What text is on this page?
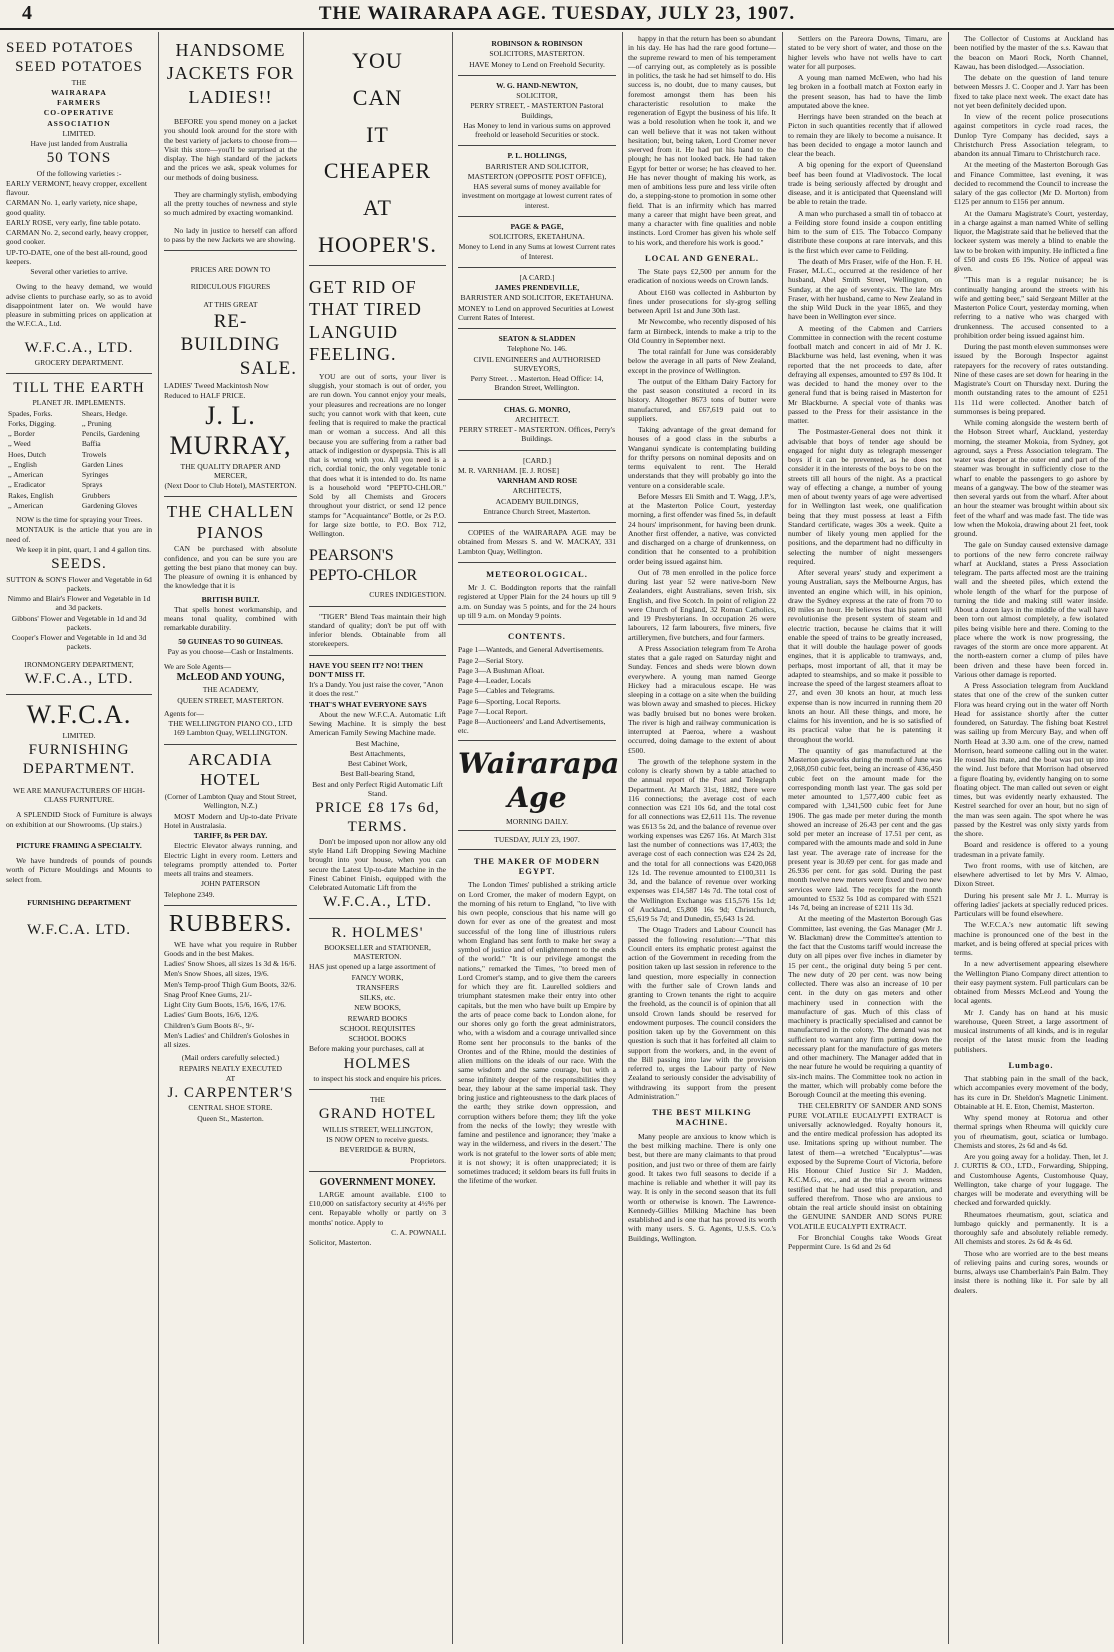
4	THE WAIRARAPA AGE. TUESDAY, JULY 23, 1907.

SEED POTATOES

SEED POTATOES

THE

WAIRARAPA

FARMERS

CO-OPERATIVE

ASSOCIATION

LIMITED.

Have just landed from Australia

50 TONS

Of the following varieties :-

EARLY VERMONT, heavy cropper, excellent flavour.

CARMAN No. 1, early variety, nice shape, good quality.

EARLY ROSE, very early, fine table potato.

CARMAN No. 2, second early, heavy cropper, good cooker.

UP-TO-DATE, one of the best all-round, good keepers.

Several other varieties to arrive.

Owing to the heavy demand, we would advise clients to purchase early, so as to avoid disappointment later on. We would have pleasure in submitting prices on application at the W.F.C.A., Ltd.

W.F.C.A., LTD.

GROCERY DEPARTMENT.

TILL THE EARTH

PLANET JR. IMPLEMENTS.

Spades, Forks.

Forks, Digging.

,, Border

,, Weed

Hoes, Dutch

,, English

,, American

,, Eradicator

Rakes, English

,, American

Shears, Hedge.

,, Pruning

Pencils, Gardening

Baffia

Trowels

Garden Lines

Syringes

Sprays

Grubbers

Gardening Gloves

NOW is the time for spraying your Trees.

MONTAUK is the article that you are in need of.

We keep it in pint, quart, 1 and 4 gallon tins.

SEEDS.

SUTTON & SON'S Flower and Vegetable in 6d packets.

Nimmo and Blair's Flower and Vegetable in 1d and 3d packets.

Gibbons' Flower and Vegetable in 1d and 3d packets.

Cooper's Flower and Vegetable in 1d and 3d packets.

IRONMONGERY DEPARTMENT,

W.F.C.A., LTD.

W.F.C.A.

LIMITED.

FURNISHING DEPARTMENT.

WE ARE MANUFACTURERS OF HIGH-CLASS FURNITURE.

A SPLENDID Stock of Furniture is always on exhibition at our Showrooms. (Up stairs.)

PICTURE FRAMING A SPECIALTY.

We have hundreds of pounds of pounds worth of Picture Mouldings and Mounts to select from.

FURNISHING DEPARTMENT

W.F.C.A. LTD.

HANDSOME JACKETS FOR LADIES!!

BEFORE you spend money on a jacket you should look around for the store with the best variety of jackets to choose from—Visit this store—you'll be surprised at the display. The high standard of the jackets and the prices we ask, speak volumes for our methods of doing business.

They are charmingly stylish, embodying all the pretty touches of newness and style so much admired by exacting womankind.

No lady in justice to herself can afford to pass by the new Jackets we are showing.

PRICES ARE DOWN TO

RIDICULOUS FIGURES

AT THIS GREAT

RE-BUILDING

SALE.

LADIES' Tweed Mackintosh Now Reduced to HALF PRICE.

J. L. MURRAY,

THE QUALITY DRAPER AND MERCER,

(Next Door to Club Hotel), MASTERTON.

THE CHALLEN PIANOS

CAN be purchased with absolute confidence, and you can be sure you are getting the best piano that money can buy. The pleasure of owning it is enhanced by the knowledge that it is

BRITISH BUILT.

That spells honest workmanship, and means tonal quality, combined with remarkable durability.

50 GUINEAS TO 90 GUINEAS.

Pay as you choose—Cash or Instalments.

We are Sole Agents—

McLEOD AND YOUNG,

THE ACADEMY,

QUEEN STREET, MASTERTON.

Agents for—

THE WELLINGTON PIANO CO., LTD 169 Lambton Quay, WELLINGTON.

ARCADIA HOTEL

(Corner of Lambton Quay and Stout Street, Wellington, N.Z.)

MOST Modern and Up-to-date Private Hotel in Australasia.

TARIFF, 8s PER DAY.

Electric Elevator always running, and Electric Light in every room. Letters and telegrams promptly attended to. Porter meets all trains and steamers.

JOHN PATERSON

Telephone 2349.

RUBBERS.

WE have what you require in Rubber Goods and in the best Makes.

Ladies' Snow Shoes, all sizes 1s 3d & 16/6.

Men's Snow Shoes, all sizes, 19/6.

Men's Temp-proof Thigh Gum Boots, 32/6.

Snag Proof Knee Gums, 21/-

Light City Gum Boots, 15/6, 16/6, 17/6.

Ladies' Gum Boots, 16/6, 12/6.

Children's Gum Boots 8/-, 9/-

Men's Ladies' and Children's Goloshes in all sizes.

(Mail orders carefully selected.)

REPAIRS NEATLY EXECUTED

AT

J. CARPENTER'S

CENTRAL SHOE STORE.

Queen St., Masterton.

YOU

CAN

IT

CHEAPER

AT

HOOPER'S.

GET RID OF THAT TIRED LANGUID FEELING.

YOU are out of sorts, your liver is sluggish, your stomach is out of order, you are run down. You cannot enjoy your meals, your pleasures and recreations are no longer such; you cannot work with that keen, cute feeling that is required to make the practical man or woman a success. And all this because you are suffering from a rather bad attack of indigestion or dyspepsia. This is all that is wrong with you. All you need is a rich, cordial tonic, the only vegetable tonic that does what it is intended to do. Its name is a household word "PEPTO-CHLOR." Sold by all Chemists and Grocers throughout your district, or send 12 pence stamps for "Acquaintance" Bottle, or 2s P.O. for large size bottle, to P.O. Box 712, Wellington.

PEARSON'S PEPTO-CHLOR

CURES INDIGESTION.

"TIGER" Blend Teas maintain their high standard of quality; don't be put off with inferior blends. Obtainable from all storekeepers.

HAVE YOU SEEN IT? NO! THEN DON'T MISS IT.

It's a Dandy. You just raise the cover, "Anon it does the rest."

THAT'S WHAT EVERYONE SAYS

About the new W.F.C.A. Automatic Lift Sewing Machine. It is simply the best American Family Sewing Machine made.

Best Machine,

Best Attachments,

Best Cabinet Work,

Best Ball-bearing Stand,

Best and only Perfect Rigid Automatic Lift Stand.

PRICE £8 17s 6d, TERMS.

Don't be imposed upon nor allow any old style Hand Lift Dropping Sewing Machine brought into your house, when you can secure the Latest Up-to-date Machine in the Finest Cabinet Finish, equipped with the Celebrated Automatic Lift from the

W.F.C.A., LTD.

R. HOLMES'

BOOKSELLER and STATIONER, MASTERTON.

HAS just opened up a large assortment of

FANCY WORK,

TRANSFERS

SILKS, etc.

NEW BOOKS,

REWARD BOOKS

SCHOOL REQUISITES

SCHOOL BOOKS

Before making your purchases, call at

HOLMES

to inspect his stock and enquire his prices.

THE

GRAND HOTEL

WILLIS STREET, WELLINGTON,

IS NOW OPEN to receive guests.

BEVERIDGE & BURN,

Proprietors.

GOVERNMENT MONEY.

LARGE amount available. £100 to £10,000 on satisfactory security at 4½% per cent. Repayable wholly or partly on 3 months' notice. Apply to

C. A. POWNALL

Solicitor, Masterton.

ROBINSON & ROBINSON

SOLICITORS, MASTERTON.

HAVE Money to Lend on Freehold Security.

W. G. HAND-NEWTON,

SOLICITOR,

PERRY STREET, - MASTERTON Pastoral Buildings,

Has Money to lend in various sums on approved freehold or leasehold Securities or stock.

P. L. HOLLINGS,

BARRISTER AND SOLICITOR,

MASTERTON (OPPOSITE POST OFFICE),

HAS several sums of money available for investment on mortgage at lowest current rates of interest.

PAGE & PAGE,

SOLICITORS, EKETAHUNA.

Money to Lend in any Sums at lowest Current rates of Interest.

[A CARD.]

JAMES PRENDEVILLE,

BARRISTER AND SOLICITOR, EKETAHUNA.

MONEY to Lend on approved Securities at Lowest Current Rates of Interest.

SEATON & SLADDEN

Telephone No. 146.

CIVIL ENGINEERS and AUTHORISED SURVEYORS,

Perry Street. . . Masterton. Head Office: 14, Brandon Street, Wellington.

CHAS. G. MONRO,

ARCHITECT.

PERRY STREET - MASTERTON. Offices, Perry's Buildings.

[CARD.]

M. R. VARNHAM. [E. J. ROSE]

VARNHAM AND ROSE

ARCHITECTS,

ACADEMY BUILDINGS,

Entrance Church Street, Masterton.

COPIES of the WAIRARAPA AGE may be obtained from Messrs S. and W. MACKAY, 331 Lambton Quay, Wellington.

METEOROLOGICAL.

Mr J. C. Boddington reports that the rainfall registered at Upper Plain for the 24 hours up till 9 a.m. on Sunday was 5 points, and for the 24 hours up till 9 a.m. on Monday 9 points.

CONTENTS.

Page 1—Wanteds, and General Advertisements.

Page 2—Serial Story.

Page 3—A Bushman Afloat.

Page 4—Leader, Locals

Page 5—Cables and Telegrams.

Page 6—Sporting, Local Reports.

Page 7—Local Report.

Page 8—Auctioneers' and Land Advertisements, etc.

Wairarapa Age
MORNING DAILY.
TUESDAY, JULY 23, 1907.
THE MAKER OF MODERN EGYPT.

The London Times' published a striking article on Lord Cromer, the maker of modern Egypt, on the morning of his return to England, "to live with his own people, conscious that his name will go down for ever as one of the greatest and most successful of the long line of illustrious rulers whom England has sent forth to make her sway a symbol of justice and of enlightenment to the ends of the world." "It is our privilege amongst the nations," remarked the Times, "to breed men of Lord Cromer's stamp, and to give them the careers for which they are fit. Laurelled soldiers and triumphant statesmen make their entry into other capitals, but the men who have built up Empire by the arts of peace come back to London alone, for our shores only go forth the great administrators, who, with a wisdom and a courage unrivalled since Rome sent her proconsuls to the banks of the Orontes and of the Rhine, mould the destinies of alien millions on the ideals of our race. With the same wisdom and the same courage, but with a sense infinitely deeper of the responsibilities they bear, they labour at the same imperial task. They bring justice and righteousness to the dark places of the earth; they strike down oppression, and corruption withers before them; they lift the yoke from the necks of the lowly; they wrestle with famine and pestilence and ignorance; they 'make a way in the wilderness, and rivers in the desert.' The work is not grateful to the lower sorts of able men; it is not showy; it is often unappreciated; it is sometimes traduced; it seldom bears its full fruits in the lifetime of the worker.

happy in that the return has been so abundant in his day. He has had the rare good fortune—the supreme reward to men of his temperament—of carrying out, as completely as is possible in politics, the task he had set himself to do. His success is, no doubt, due to many causes, but foremost amongst them has been his characteristic resolution to make the regeneration of Egypt the business of his life. It was a bold resolution when he took it, and we can well believe that it was not taken without hesitation; but, being taken, Lord Cromer never swerved from it. He had put his hand to the plough; he has not looked back. He had taken Egypt for better or worse; he has cleaved to her. He has never thought of making his work, as men of ambitions less pure and less virile often do, a stepping-stone to promotion in some other field. That is an infirmity which has marred many a career that might have been great, and many a character with fine qualities and noble instincts. Lord Cromer has given his whole self to his work, and therefore his work is good."

LOCAL AND GENERAL.

The State pays £2,500 per annum for the eradication of noxious weeds on Crown lands.

About £160 was collected in Ashburton by fines under prosecutions for sly-grog selling between April 1st and June 30th last.

Mr Newcombe, who recently disposed of his farm at Birnbeck, intends to make a trip to the Old Country in September next.

The total rainfall for June was considerably below the average in all parts of New Zealand, except in the province of Wellington.

The output of the Eltham Dairy Factory for the past season constituted a record in its history. Altogether 8673 tons of butter were manufactured, and £67,619 paid out to suppliers.

Taking advantage of the great demand for houses of a good class in the suburbs a Wanganui syndicate is contemplating building for thrifty persons on nominal deposits and on terms equivalent to rent. The Herald understands that they will probably go into the venture on a considerable scale.

Before Messrs Eli Smith and T. Wagg, J.P.'s, at the Masterton Police Court, yesterday morning, a first offender was fined 5s, in default 24 hours' imprisonment, for having been drunk. Another first offender, a native, was convicted and discharged on a charge of drunkenness, on condition that he consented to a prohibition order being issued against him.

Out of 78 men enrolled in the police force during last year 52 were native-born New Zealanders, eight Australians, seven Irish, six English, and five Scotch. In point of religion 22 were Church of England, 32 Roman Catholics, and 19 Presbyterians. In occupation 26 were labourers, 12 farm labourers, five miners, five artillerymen, five butchers, and four farmers.

A Press Association telegram from Te Aroha states that a gale raged on Saturday night and Sunday. Fences and sheds were blown down everywhere. A young man named George Hickey had a miraculous escape. He was sleeping in a cottage on a site when the building was blown away and smashed to pieces. Hickey was badly bruised but no bones were broken. The river is high and railway communication is interrupted at Paeroa, where a washout occurred, doing damage to the extent of about £500.

The growth of the telephone system in the colony is clearly shown by a table attached to the annual report of the Post and Telegraph Department. At March 31st, 1882, there were 116 connections; the average cost of each connection was £21 10s 6d, and the total cost for all connections was £2,611 11s. The revenue was £613 5s 2d, and the balance of revenue over working expenses was £267 16s. At March 31st last the number of connections was 17,403; the average cost of each connection was £24 2s 2d, and the total for all connections was £420,068 12s 1d. The revenue amounted to £100,311 1s 3d, and the balance of revenue over working expenses was £14,587 14s 7d. The total cost of the Wellington Exchange was £15,576 15s 1d; of Auckland, £5,808 16s 9d; Christchurch, £5,619 5s 7d; and Dunedin, £5,643 1s 2d.

The Otago Traders and Labour Council has passed the following resolution:—"That this Council enters its emphatic protest against the action of the Government in receding from the position taken up last session in reference to the land question, more especially in connection with the further sale of Crown lands and granting to Crown tenants the right to acquire the freehold, as the council is of opinion that all unsold Crown lands should be reserved for endowment purposes. The council considers the position taken up by the Government on this question is such that it has forfeited all claim to support from the workers, and, in the event of the Bill passing into law with the provision referred to, urges the Labour party of New Zealand to seriously consider the advisability of withdrawing its support from the present Administration."

THE BEST MILKING MACHINE.

Many people are anxious to know which is the best milking machine. There is only one best, but there are many claimants to that proud position, and just two or three of them are fairly good. It takes two full seasons to decide if a machine is reliable and whether it will pay its way. It is only in the second season that its full worth or otherwise is known. The Lawrence-Kennedy-Gillies Milking Machine has been established and is one that has proved its worth with many users. S. G. Agents, U.S.S. Co.'s Buildings, Wellington.

Settlers on the Pareora Downs, Timaru, are stated to be very short of water, and those on the higher levels who have not wells have to cart water for all purposes.

A young man named McEwen, who had his leg broken in a football match at Foxton early in the present season, has had to have the limb amputated above the knee.

Herrings have been stranded on the beach at Picton in such quantities recently that if allowed to remain they are likely to become a nuisance. It has been decided to engage a motor launch and clear the beach.

A big opening for the export of Queensland beef has been found at Vladivostock. The local trade is being seriously affected by drought and disease, and it is anticipated that Queensland will be able to retain the trade.

A man who purchased a small tin of tobacco at a Feilding store found inside a coupon entitling him to the sum of £15. The Tobacco Company distribute these coupons at rare intervals, and this is the first which ever came to Feilding.

The death of Mrs Fraser, wife of the Hon. F. H. Fraser, M.L.C., occurred at the residence of her husband, Abel Smith Street, Wellington, on Sunday, at the age of seventy-six. The late Mrs Fraser, with her husband, came to New Zealand in the ship Wild Duck in the year 1865, and they have been in Wellington ever since.

A meeting of the Cabmen and Carriers Committee in connection with the recent costume football match and concert in aid of Mr J. K. Blackburne was held, last evening, when it was reported that the net proceeds to date, after defraying all expenses, amounted to £97 8s 10d. It was decided to hand the money over to the general fund that is being raised in Masterton for Mr Blackburne. A special vote of thanks was passed to the Press for their assistance in the matter.

The Postmaster-General does not think it advisable that boys of tender age should be engaged for night duty as telegraph messenger boys if it can be prevented, as he does not consider it in the interests of the boys to be on the streets till all hours of the night. As a practical way of effecting a change, a number of young men of about twenty years of age were advertised for in Wellington last week, one qualification being that they must possess at least a Fifth Standard certificate, wages 30s a week. Quite a number of likely young men applied for the positions, and the department had no difficulty in selecting the number of night messengers required.

After several years' study and experiment a young Australian, says the Melbourne Argus, has invented an engine which will, in his opinion, draw the Sydney express at the rate of from 70 to 80 miles an hour. He believes that his patent will revolutionise the present system of steam and electric traction, because he claims that it will enable the speed of trains to be greatly increased, that it will double the haulage power of goods engines, that it is applicable to tramways, and, perhaps, most important of all, that it may be adapted to steamships, and so make it possible to increase the speed of the largest steamers afloat to 27, and even 30 knots an hour, at much less expense than is now incurred in running them 20 knots an hour. All these things, and more, he claims for his invention, and he is so satisfied of its practical value that he is patenting it throughout the world.

The quantity of gas manufactured at the Masterton gasworks during the month of June was 2,068,050 cubic feet, being an increase of 436,450 cubic feet on the amount made for the corresponding month last year. The gas sold per meter amounted to 1,577,400 cubic feet as compared with 1,341,500 cubic feet for June 1906. The gas made per meter during the month showed an increase of 26.43 per cent and the gas sold per meter an increase of 17.51 per cent, as compared with the amounts made and sold in June last year. The average rate of increase for the present year is 30.69 per cent. for gas made and 26.936 per cent. for gas sold. During the past month twelve new meters were fixed and two new services were laid. The receipts for the month amounted to £532 5s 10d as compared with £521 14s 7d, being an increase of £211 11s 3d.

At the meeting of the Masterton Borough Gas Committee, last evening, the Gas Manager (Mr J. W. Blackman) drew the Committee's attention to the fact that the Customs tariff would increase the duty on all pipes over five inches in diameter by 15 per cent., the original duty being 5 per cent. The new duty of 20 per cent. was now being collected. There was also an increase of 10 per cent. in the duty on gas meters and other machinery used in connection with the manufacture of gas. Much of this class of machinery is practically specialised and cannot be manufactured in the colony. The demand was not sufficient to warrant any firm putting down the necessary plant for the manufacture of gas meters and other machinery. The Manager added that in the near future he would be requiring a quantity of six-inch mains. The Committee took no action in the matter, which will probably come before the Borough Council at the meeting this evening.

THE CELEBRITY OF SANDER AND SONS PURE VOLATILE EUCALYPTI EXTRACT is universally acknowledged. Royalty honours it, and the entire medical profession has adopted its use. Imitations spring up without number. The latest of them—a wretched "Eucalyptus"—was exposed by the Supreme Court of Victoria, before His Honour Chief Justice Sir J. Madden, K.C.M.G., etc., and at the trial a sworn witness testified that he had used this preparation, and suffered therefrom. Those who are anxious to obtain the real article should insist on obtaining the GENUINE SANDER AND SONS PURE VOLATILE EUCALYPTI EXTRACT.

For Bronchial Coughs take Woods Great Peppermint Cure. 1s 6d and 2s 6d

The Collector of Customs at Auckland has been notified by the master of the s.s. Kawau that the beacon on Maori Rock, North Channel, Kawau, has been dislodged.—Association.

The debate on the question of land tenure between Messrs J. C. Cooper and J. Yarr has been fixed to take place next week. The exact date has not yet been definitely decided upon.

In view of the recent police prosecutions against competitors in cycle road races, the Dunlop Tyre Company has decided, says a Christchurch Press Association telegram, to abandon its annual Timaru to Christchurch race.

At the meeting of the Masterton Borough Gas and Finance Committee, last evening, it was decided to recommend the Council to increase the salary of the gas collector (Mr D. Morton) from £125 per annum to £156 per annum.

At the Oamaru Magistrate's Court, yesterday, in a charge against a man named White of selling liquor, the Magistrate said that he believed that the lockeer system was merely a blind to enable the law to be broken with impunity. He inflicted a fine of £50 and costs £6 19s. Notice of appeal was given.

"This man is a regular nuisance; he is continually hanging around the streets with his wife and getting beer," said Sergeant Miller at the Masterton Police Court, yesterday morning, when referring to a native who was charged with drunkenness. The accused consented to a prohibition order being issued against him.

During the past month eleven summonses were issued by the Borough Inspector against ratepayers for the recovery of rates outstanding. Nine of these cases are set down for hearing in the Magistrate's Court on Thursday next. During the month outstanding rates to the amount of £251 11s 11d were collected. Another batch of summonses is being prepared.

While coming alongside the western berth of the Hobson Street wharf, Auckland, yesterday morning, the steamer Mokoia, from Sydney, got aground, says a Press Association telegram. The water was deeper at the outer end and part of the steamer was brought in sufficiently close to the wharf to enable the passengers to go ashore by means of a gangway. The bow of the steamer was then several yards out from the wharf. After about an hour the steamer was brought within about six feet of the wharf and was made fast. The tide was low when the Mokoia, drawing about 21 feet, took ground.

The gale on Sunday caused extensive damage to portions of the new ferro concrete railway wharf at Auckland, states a Press Association telegram. The parts affected most are the training wall and the sheeted piles, which extend the whole length of the wharf for the purpose of turning the tide and making still water inside. About a dozen lays in the middle of the wall have been torn out almost completely, a few isolated piles being visible here and there. Coming to the place where the work is now progressing, the ravages of the storm are once more apparent. At the north-eastern corner a clump of piles have been driven and these have been forced in. Various other damage is reported.

A Press Association telegram from Auckland states that one of the crew of the sunken cutter Flora was heard crying out in the water off North Head for assistance shortly after the cutter foundered, on Saturday. The fishing boat Kestrel was sailing up from Mercury Bay, and when off North Head at 3.30 a.m. one of the crew, named Morrison, heard someone calling out in the water. He roused his mate, and the boat was put up into the wind. Just before that Morrison had observed a figure floating by, evidently hanging on to some floating object. The man called out seven or eight times, but was evidently nearly exhausted. The Kestrel searched for over an hour, but no sign of the man was seen again. The spot where he was passed by the Kestrel was only sixty yards from the shore.

Board and residence is offered to a young tradesman in a private family.

Two front rooms, with use of kitchen, are elsewhere advertised to let by Mrs V. Almao, Dixon Street.

During his present sale Mr J. L. Murray is offering ladies' jackets at specially reduced prices. Particulars will be found elsewhere.

The W.F.C.A.'s new automatic lift sewing machine is pronounced one of the best in the market, and is being offered at special prices with terms.

In a new advertisement appearing elsewhere the Wellington Piano Company direct attention to their easy payment system. Full particulars can be obtained from Messrs McLeod and Young the local agents.

Mr J. Candy has on hand at his music warehouse, Queen Street, a large assortment of musical instruments of all kinds, and is in regular receipt of the latest music from the leading publishers.

Lumbago.

That stabbing pain in the small of the back, which accompanies every movement of the body, has its cure in Dr. Sheldon's Magnetic Liniment. Obtainable at H. E. Eton, Chemist, Masterton.

Why spend money at Rotorua and other thermal springs when Rheuma will quickly cure you of rheumatism, gout, sciatica or lumbago. Chemists and stores, 2s 6d and 4s 6d.

Are you going away for a holiday. Then, let J. J. CURTIS & CO., LTD., Forwarding, Shipping, and Customhouse Agents, Customhouse Quay, Wellington, take charge of your luggage. The charges will be moderate and everything will be checked and forwarded quickly.

Rheumatoes rheumatism, gout, sciatica and lumbago quickly and permanently. It is a thoroughly safe and absolutely reliable remedy. All chemists and stores. 2s 6d & 4s 6d.

Those who are worried are to the best means of relieving pains and curing sores, wounds or burns, always use Chamberlain's Pain Balm. They insist there is nothing like it. For sale by all dealers.
